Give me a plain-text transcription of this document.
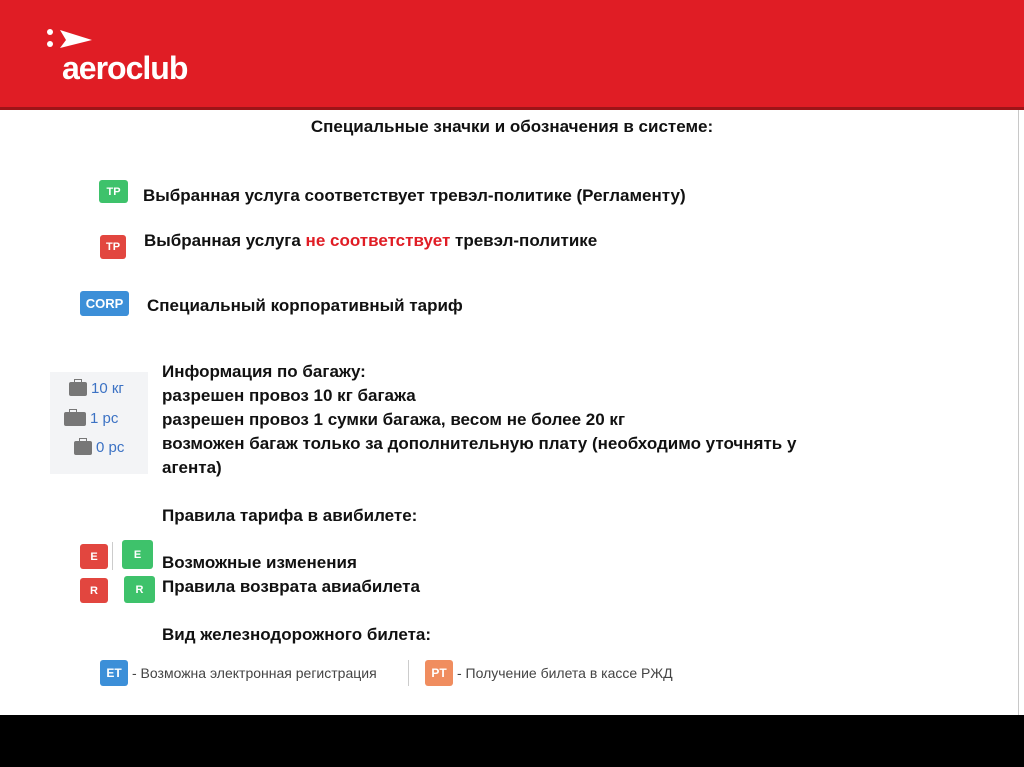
aeroclub
Специальные значки и обозначения в системе:
TP Выбранная услуга соответствует тревэл-политике (Регламенту)
TP Выбранная услуга не соответствует тревэл-политике
CORP Специальный корпоративный тариф
10 кг
1 pc
0 pc
Информация по багажу:
разрешен провоз 10 кг багажа
разрешен провоз 1 сумки багажа, весом не более 20 кг
возможен багаж только за дополнительную плату (необходимо уточнять у
агента)
Правила тарифа в авибилете:
E	E
R	R
Возможные изменения
Правила возврата авиабилета
Вид железнодорожного билета:
ET - Возможна электронная регистрация	PT - Получение билета в кассе РЖД
